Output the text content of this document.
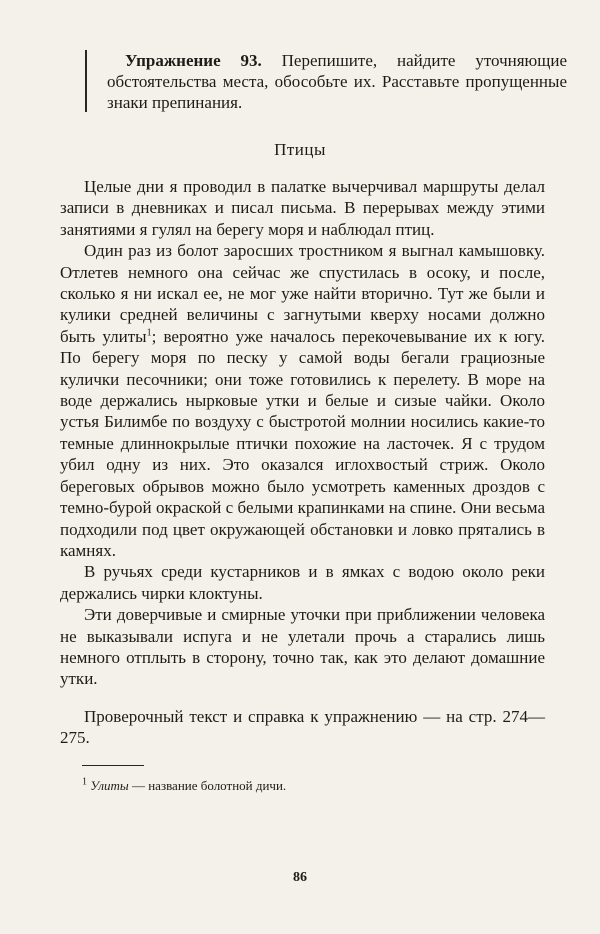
Упражнение 93. Перепишите, найдите уточняющие обстоятельства места, обособьте их. Расставьте пропущенные знаки препинания.
Птицы

Целые дни я проводил в палатке вычерчивал маршруты делал записи в дневниках и писал письма. В перерывах между этими занятиями я гулял на берегу моря и наблюдал птиц.

Один раз из болот заросших тростником я выгнал камышовку. Отлетев немного она сейчас же спустилась в осоку, и после, сколько я ни искал ее, не мог уже найти вторично. Тут же были и кулики средней величины с загнутыми кверху носами должно быть улиты$^1$; вероятно уже началось перекочевывание их к югу. По берегу моря по песку у самой воды бегали грациозные кулички песочники; они тоже готовились к перелету. В море на воде держались нырковые утки и белые и сизые чайки. Около устья Билимбе по воздуху с быстротой молнии носились какие-то темные длиннокрылые птички похожие на ласточек. Я с трудом убил одну из них. Это оказался иглохвостый стриж. Около береговых обрывов можно было усмотреть каменных дроздов с темно-бурой окраской с белыми крапинками на спине. Они весьма подходили под цвет окружающей обстановки и ловко прятались в камнях.

В ручьях среди кустарников и в ямках с водою около реки держались чирки клоктуны.

Эти доверчивые и смирные уточки при приближении человека не выказывали испуга и не улетали прочь а старались лишь немного отплыть в сторону, точно так, как это делают домашние утки.

Проверочный текст и справка к упражнению — на стр. 274—275.
$^1$ Улиты — название болотной дичи.
86
